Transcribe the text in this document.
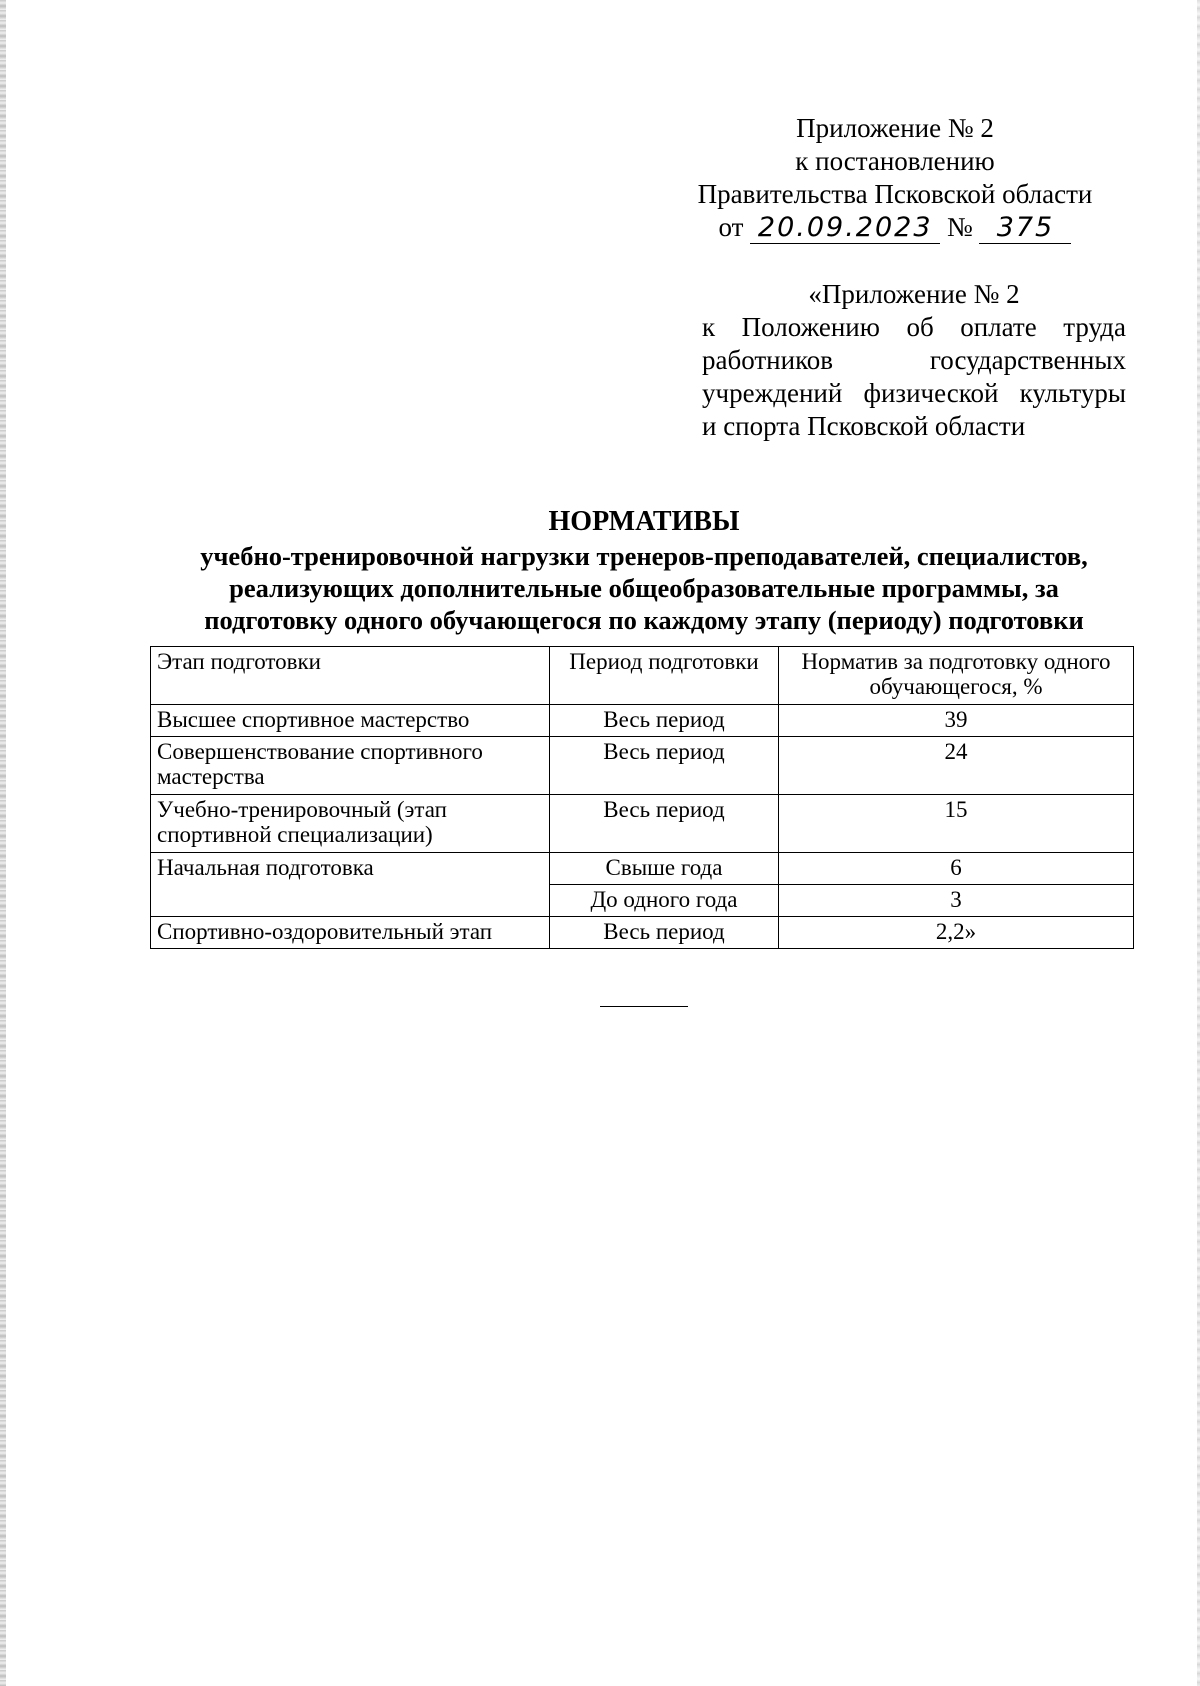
Приложение № 2
к постановлению
Правительства Псковской области
от 20.09.2023 № 375
«Приложение № 2
к Положению об оплате труда
работников государственных
учреждений физической культуры
и спорта Псковской области
НОРМАТИВЫ
учебно-тренировочной нагрузки тренеров-преподавателей, специалистов,
реализующих дополнительные общеобразовательные программы, за
подготовку одного обучающегося по каждому этапу (периоду) подготовки
Этап подготовки	Период подготовки	Норматив за подготовку одного обучающегося, %
Высшее спортивное мастерство	Весь период	39
Совершенствование спортивного мастерства	Весь период	24
Учебно-тренировочный (этап спортивной специализации)	Весь период	15
Начальная подготовка	Свыше года	6
	До одного года	3
Спортивно-оздоровительный этап	Весь период	2,2»
